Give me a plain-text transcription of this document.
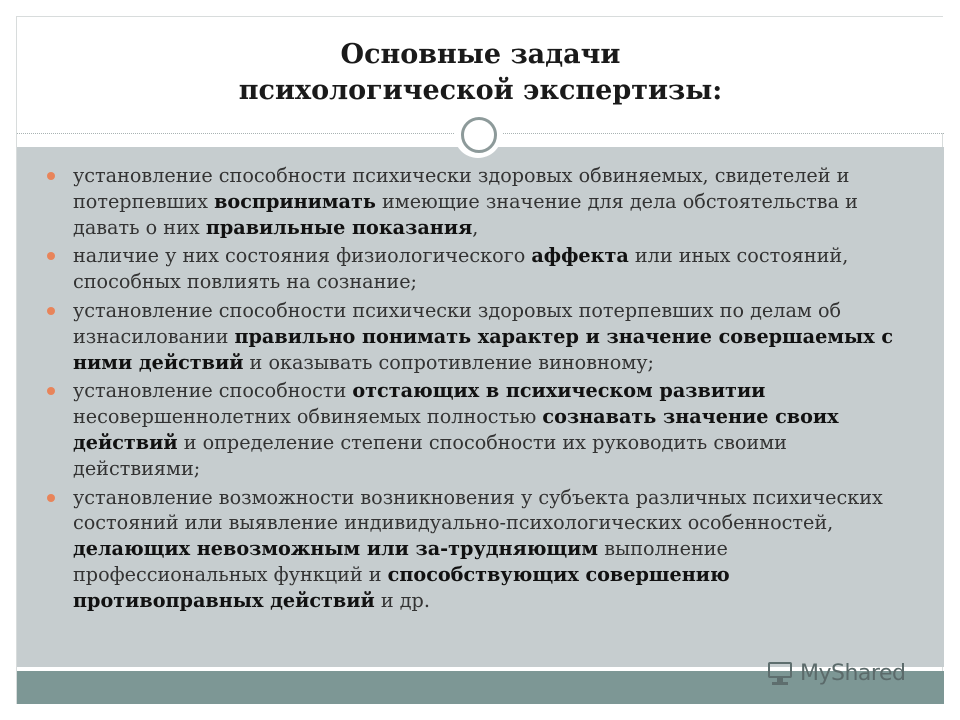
Основные задачи
психологической экспертизы:
установление способности психически здоровых обвиняемых, свидетелей и потерпевших воспринимать имеющие значение для дела обстоятельства и давать о них правильные показания,
наличие у них состояния физиологического аффекта или иных состояний, способных повлиять на сознание;
установление способности психически здоровых потерпевших по делам об изнасиловании правильно понимать характер и значение совершаемых с ними действий и оказывать сопротивление виновному;
установление способности отстающих в психическом развитии несовершеннолетних обвиняемых полностью сознавать значение своих действий и определение степени способности их руководить своими действиями;
установление возможности возникновения у субъекта различных психических состояний или выявление индивидуально-психологических особенностей, делающих невозможным или за-трудняющим выполнение профессиональных функций и способствующих совершению противоправных действий и др.
MyShared
